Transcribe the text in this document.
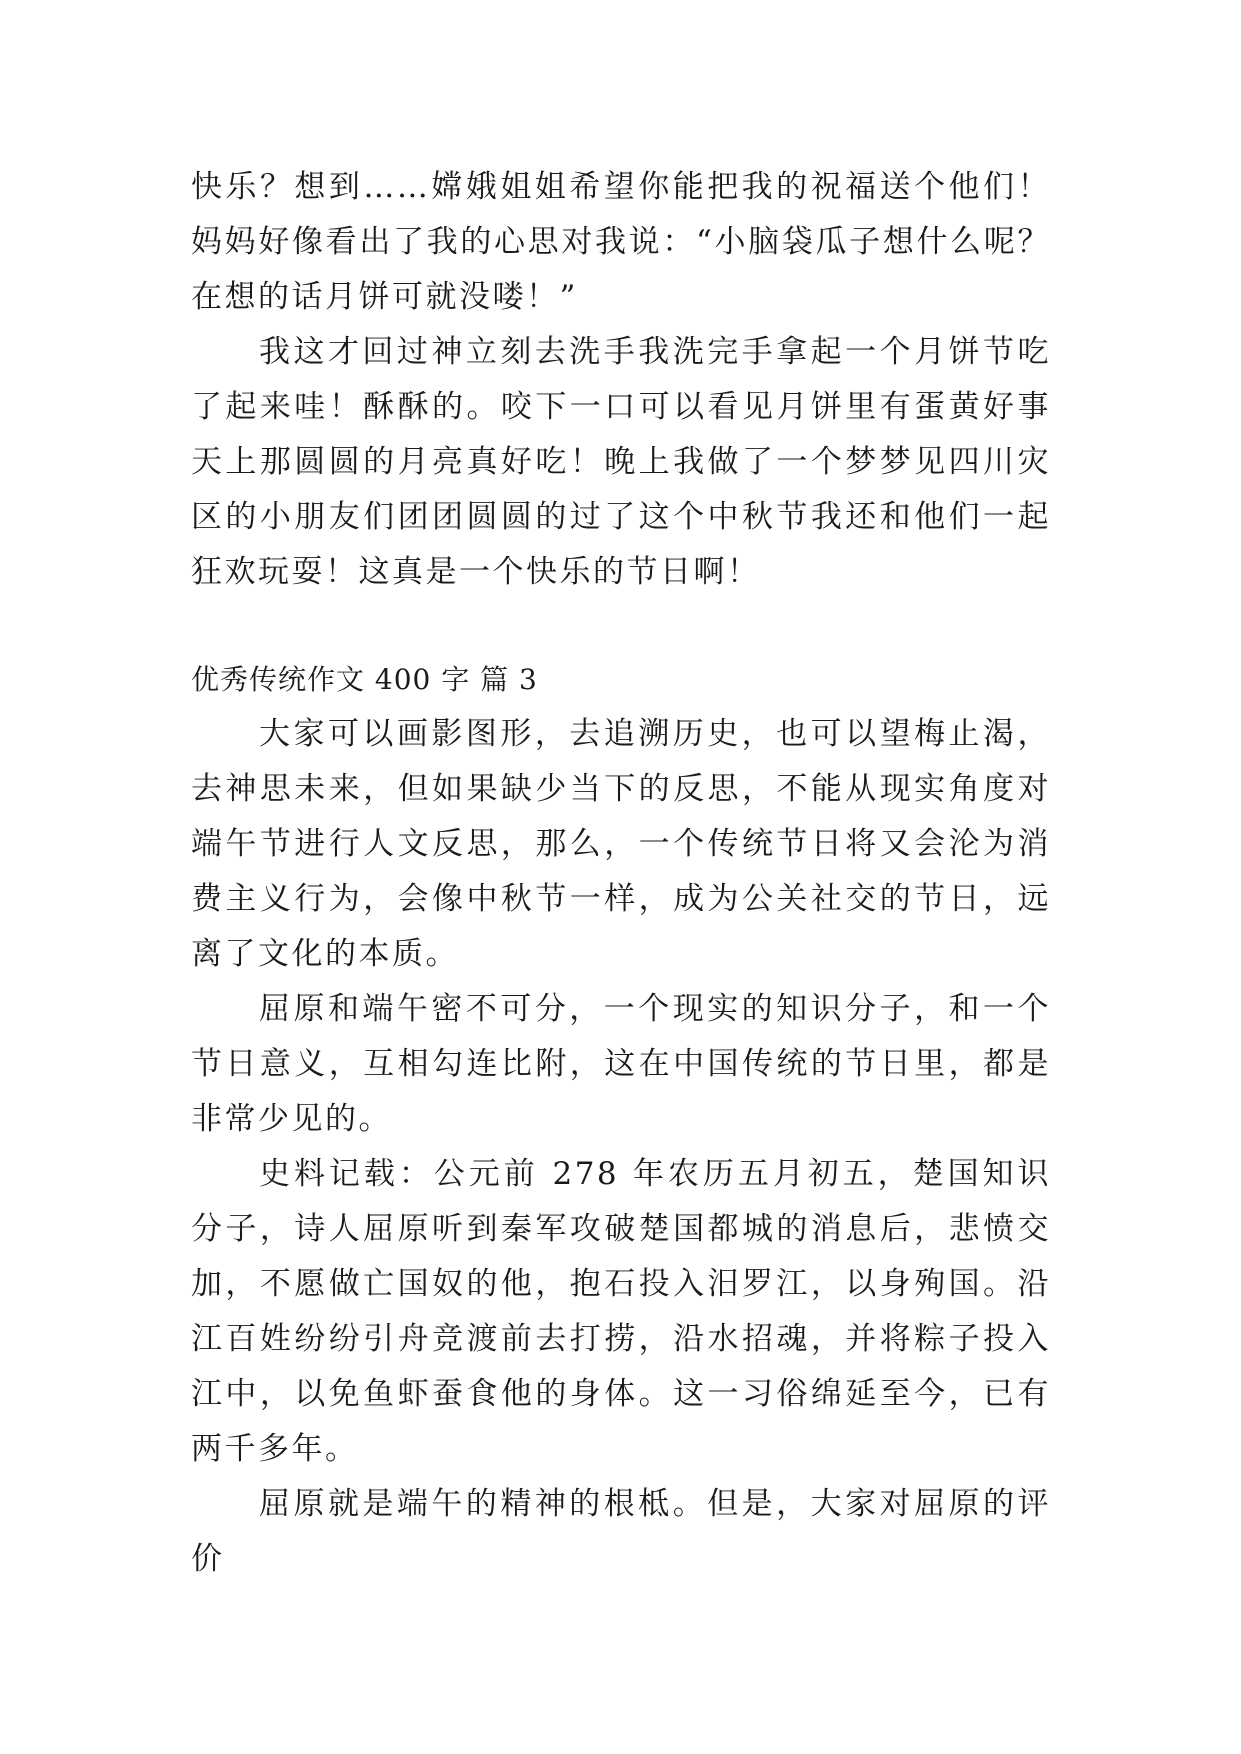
快乐？想到……嫦娥姐姐希望你能把我的祝福送个他们！妈妈好像看出了我的心思对我说：“小脑袋瓜子想什么呢？在想的话月饼可就没喽！”

我这才回过神立刻去洗手我洗完手拿起一个月饼节吃了起来哇！酥酥的。咬下一口可以看见月饼里有蛋黄好事天上那圆圆的月亮真好吃！晚上我做了一个梦梦见四川灾区的小朋友们团团圆圆的过了这个中秋节我还和他们一起狂欢玩耍！这真是一个快乐的节日啊！

优秀传统作文 400 字 篇 3

大家可以画影图形，去追溯历史，也可以望梅止渴，去神思未来，但如果缺少当下的反思，不能从现实角度对端午节进行人文反思，那么，一个传统节日将又会沦为消费主义行为，会像中秋节一样，成为公关社交的节日，远离了文化的本质。

屈原和端午密不可分，一个现实的知识分子，和一个节日意义，互相勾连比附，这在中国传统的节日里，都是非常少见的。

史料记载：公元前 278 年农历五月初五，楚国知识分子，诗人屈原听到秦军攻破楚国都城的消息后，悲愤交加，不愿做亡国奴的他，抱石投入汨罗江，以身殉国。沿江百姓纷纷引舟竞渡前去打捞，沿水招魂，并将粽子投入江中，以免鱼虾蚕食他的身体。这一习俗绵延至今，已有两千多年。

屈原就是端午的精神的根柢。但是，大家对屈原的评价
